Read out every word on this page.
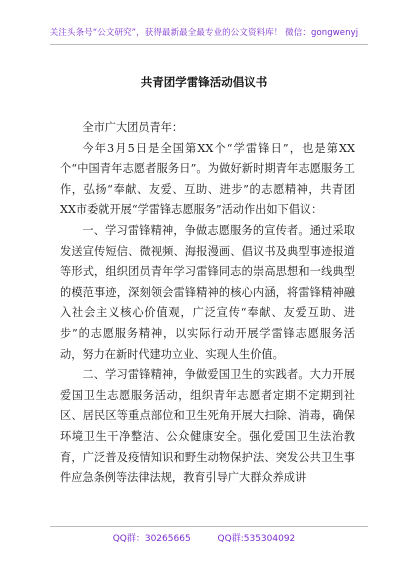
关注头条号“公文研究”，获得最新最全最专业的公文资料库！ 微信：gongwenyj
共青团学雷锋活动倡议书

全市广大团员青年：

今年3月5日是全国第XX个“学雷锋日”，也是第XX个“中国青年志愿者服务日”。为做好新时期青年志愿服务工作，弘扬“奉献、友爱、互助、进步”的志愿精神，共青团XX市委就开展“学雷锋志愿服务”活动作出如下倡议：

一、学习雷锋精神，争做志愿服务的宣传者。通过采取发送宣传短信、微视频、海报漫画、倡议书及典型事迹报道等形式，组织团员青年学习雷锋同志的崇高思想和一线典型的模范事迹，深刻领会雷锋精神的核心内涵，将雷锋精神融入社会主义核心价值观，广泛宣传“奉献、友爱互助、进步”的志愿服务精神，以实际行动开展学雷锋志愿服务活动，努力在新时代建功立业、实现人生价值。

二、学习雷锋精神，争做爱国卫生的实践者。大力开展爱国卫生志愿服务活动，组织青年志愿者定期不定期到社区、居民区等重点部位和卫生死角开展大扫除、消毒，确保环境卫生干净整洁、公众健康安全。强化爱国卫生法治教育，广泛普及疫情知识和野生动物保护法、突发公共卫生事件应急条例等法律法规，教育引导广大群众养成讲

QQ群：30265665	QQ群:535304092
